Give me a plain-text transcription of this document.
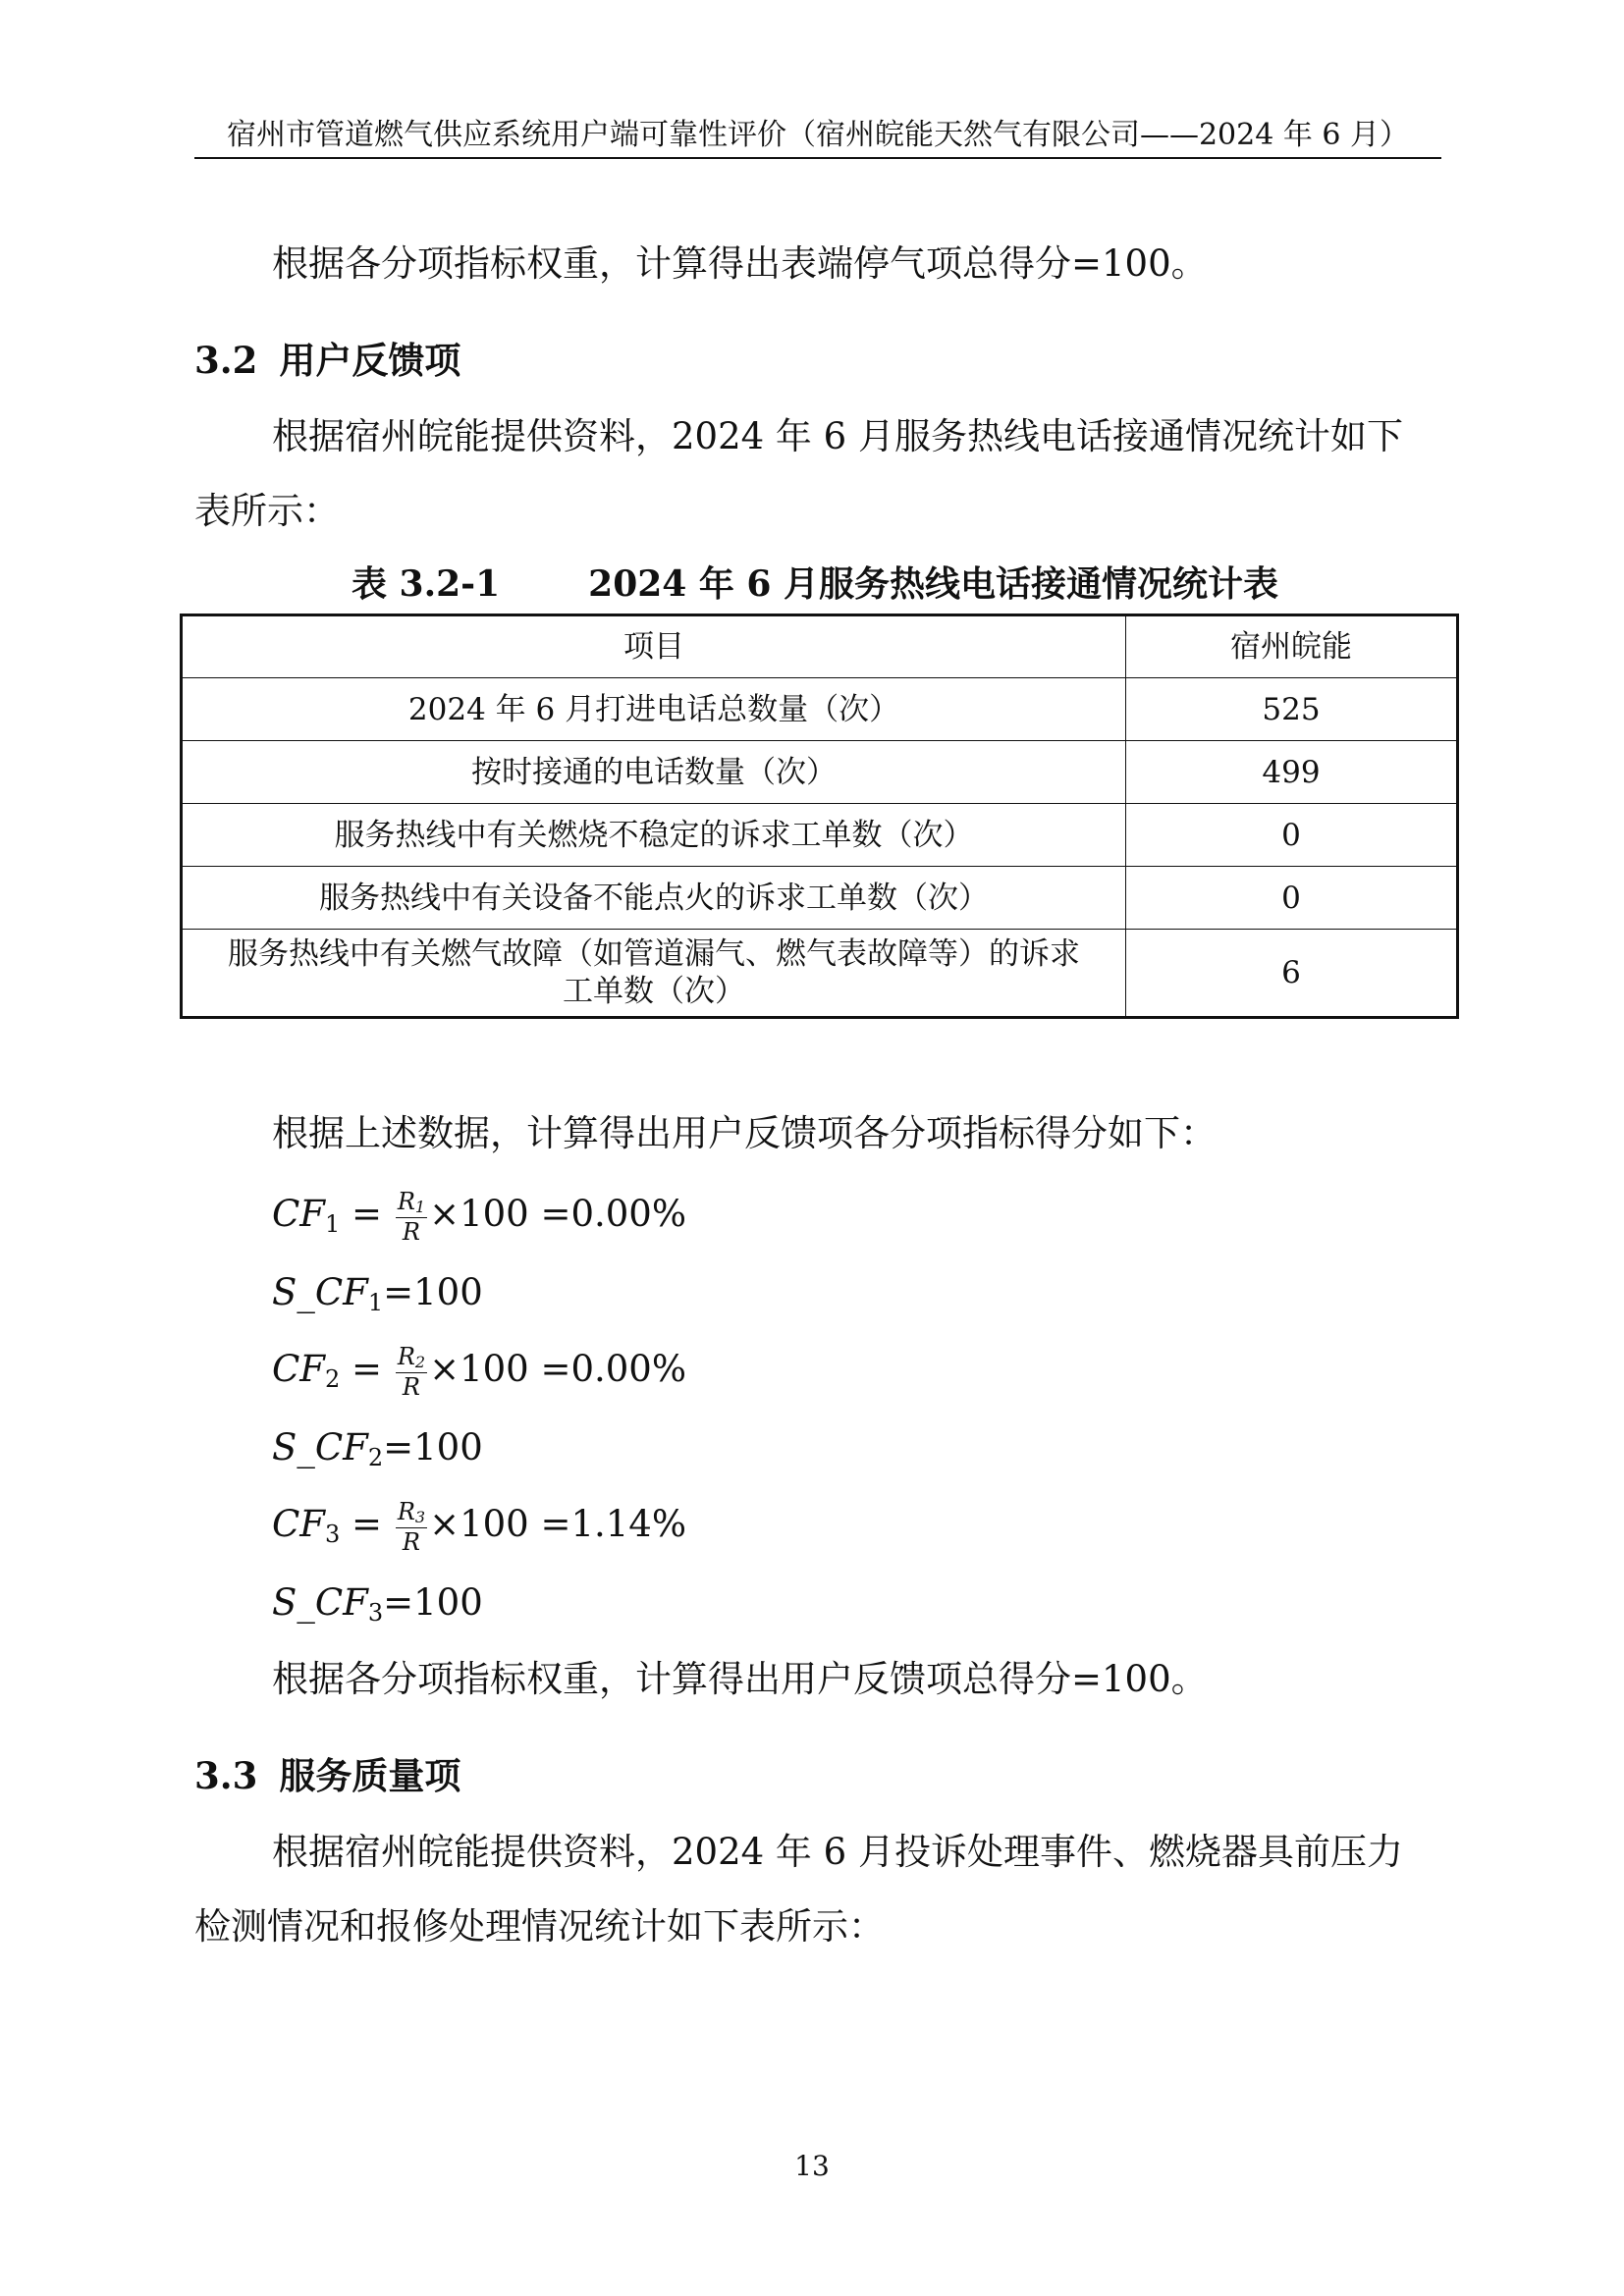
宿州市管道燃气供应系统用户端可靠性评价（宿州皖能天然气有限公司——2024 年 6 月）
根据各分项指标权重，计算得出表端停气项总得分=100。
3.2 用户反馈项
根据宿州皖能提供资料，2024 年 6 月服务热线电话接通情况统计如下
表所示：
表 3.2-1	2024 年 6 月服务热线电话接通情况统计表
项目	宿州皖能
2024 年 6 月打进电话总数量（次）	525
按时接通的电话数量（次）	499
服务热线中有关燃烧不稳定的诉求工单数（次）	0
服务热线中有关设备不能点火的诉求工单数（次）	0

服务热线中有关燃气故障（如管道漏气、燃气表故障等）的诉求
工单数（次）	6
根据上述数据，计算得出用户反馈项各分项指标得分如下：
$CF_1 = \frac{R_1}{R} \times 100 =0.00\%$
$S\_CF_1=100$
$CF_2 = \frac{R_2}{R} \times 100 =0.00\%$
$S\_CF_2=100$
$CF_3 = \frac{R_3}{R} \times 100 =1.14\%$
$S\_CF_3=100$
根据各分项指标权重，计算得出用户反馈项总得分=100。
3.3 服务质量项
根据宿州皖能提供资料，2024 年 6 月投诉处理事件、燃烧器具前压力
检测情况和报修处理情况统计如下表所示：
13
